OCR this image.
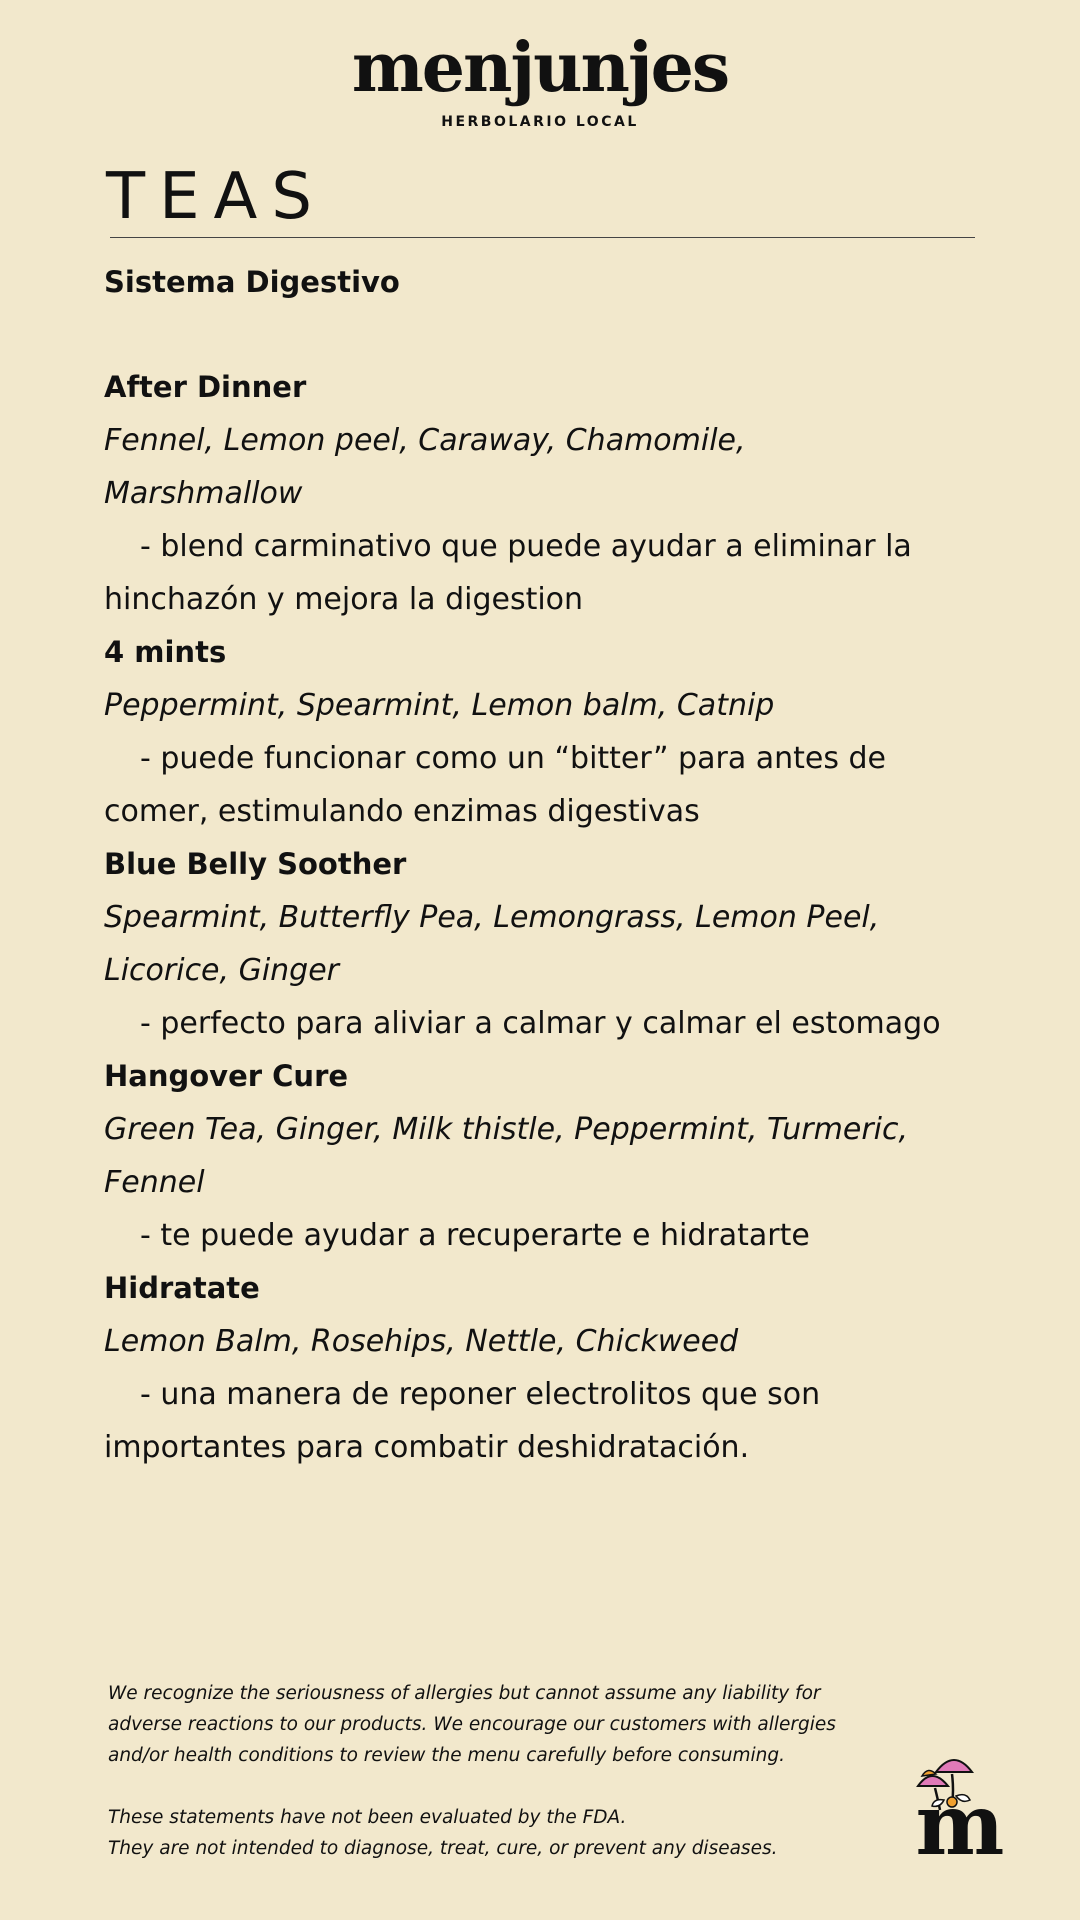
menjunjes
HERBOLARIO LOCAL
TEAS
Sistema Digestivo
After Dinner
Fennel, Lemon peel, Caraway, Chamomile, Marshmallow
- blend carminativo que puede ayudar a eliminar la hinchazón y mejora la digestion
4 mints
Peppermint, Spearmint, Lemon balm, Catnip
- puede funcionar como un “bitter” para antes de comer, estimulando enzimas digestivas
Blue Belly Soother
Spearmint, Butterfly Pea, Lemongrass, Lemon Peel, Licorice, Ginger
- perfecto para aliviar a calmar y calmar el estomago
Hangover Cure
Green Tea, Ginger, Milk thistle, Peppermint, Turmeric, Fennel
- te puede ayudar a recuperarte e hidratarte
Hidratate
Lemon Balm, Rosehips, Nettle, Chickweed
- una manera de reponer electrolitos que son importantes para combatir deshidratación.

We recognize the seriousness of allergies but cannot assume any liability for

adverse reactions to our products. We encourage our customers with allergies

and/or health conditions to review the menu carefully before consuming.

These statements have not been evaluated by the FDA.

They are not intended to diagnose, treat, cure, or prevent any diseases.	m
